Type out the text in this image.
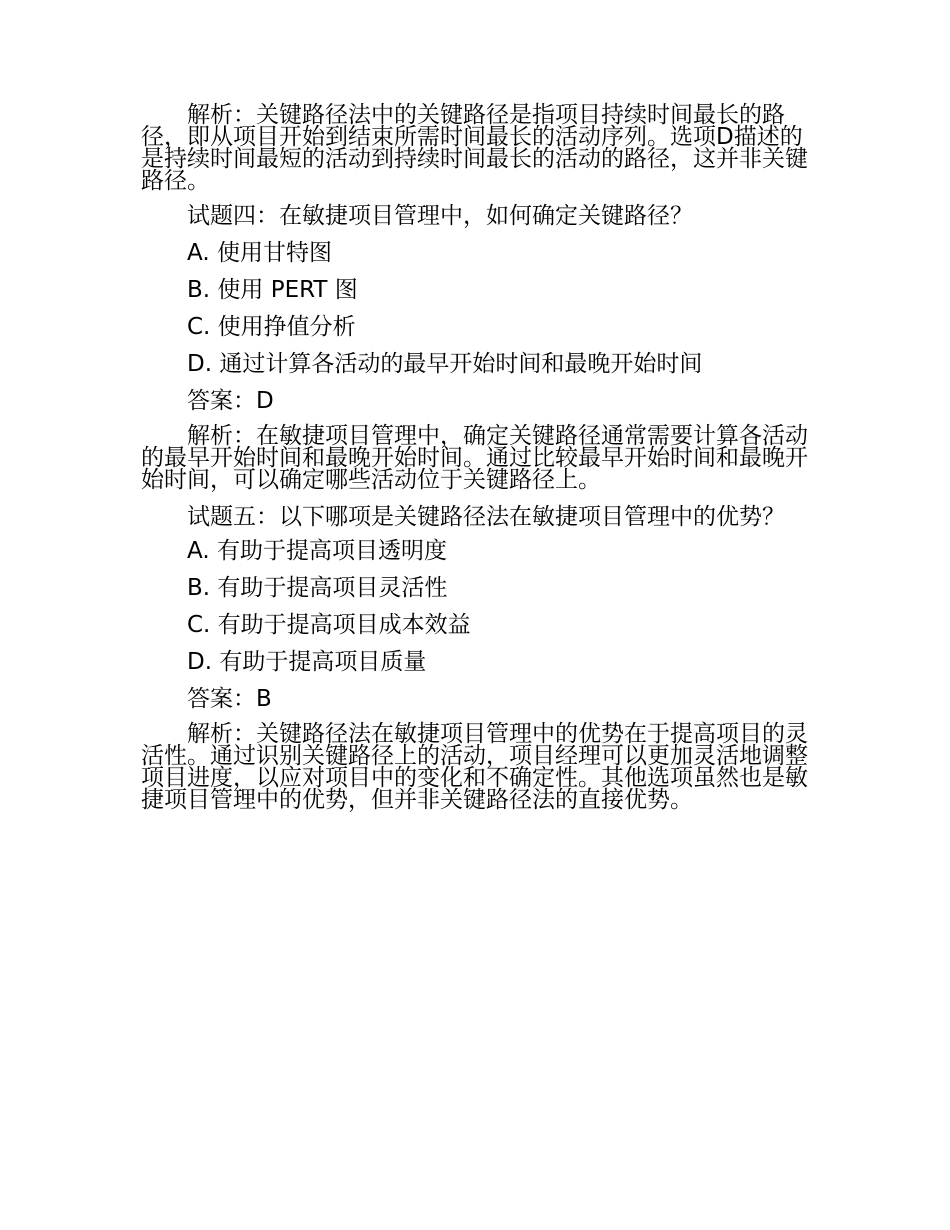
解析：关键路径法中的关键路径是指项目持续时间最长的路径，即从项目开始到结束所需时间最长的活动序列。选项D描述的是持续时间最短的活动到持续时间最长的活动的路径，这并非关键路径。

试题四：在敏捷项目管理中，如何确定关键路径？

A. 使用甘特图

B. 使用 PERT 图

C. 使用挣值分析

D. 通过计算各活动的最早开始时间和最晚开始时间

答案：D

解析：在敏捷项目管理中，确定关键路径通常需要计算各活动的最早开始时间和最晚开始时间。通过比较最早开始时间和最晚开始时间，可以确定哪些活动位于关键路径上。

试题五：以下哪项是关键路径法在敏捷项目管理中的优势？

A. 有助于提高项目透明度

B. 有助于提高项目灵活性

C. 有助于提高项目成本效益

D. 有助于提高项目质量

答案：B

解析：关键路径法在敏捷项目管理中的优势在于提高项目的灵活性。通过识别关键路径上的活动，项目经理可以更加灵活地调整项目进度，以应对项目中的变化和不确定性。其他选项虽然也是敏捷项目管理中的优势，但并非关键路径法的直接优势。
